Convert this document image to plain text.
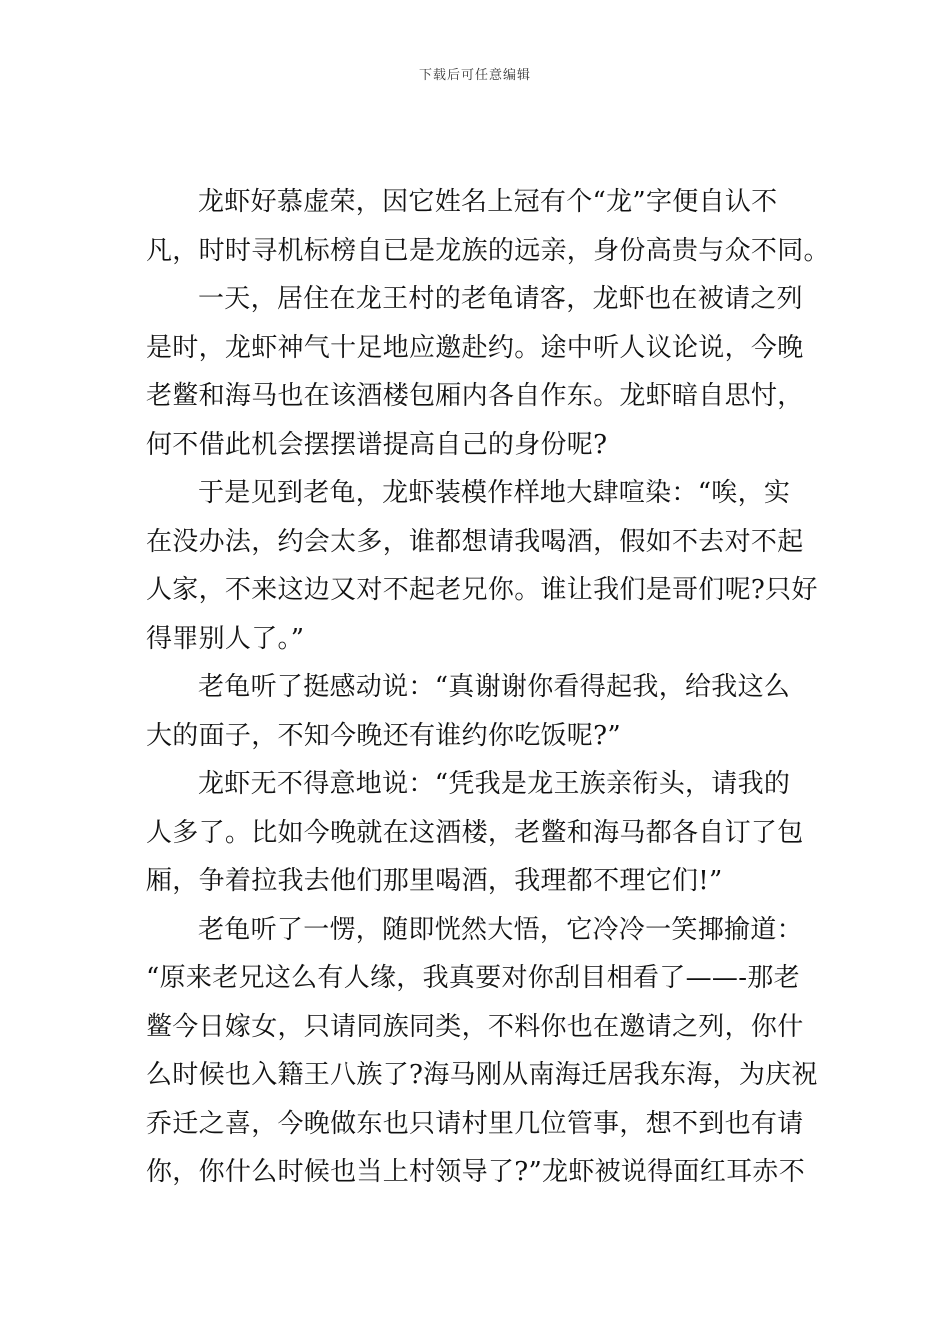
下载后可任意编辑
龙虾好慕虚荣，因它姓名上冠有个“龙”字便自认不
凡，时时寻机标榜自已是龙族的远亲，身份高贵与众不同。
一天，居住在龙王村的老龟请客，龙虾也在被请之列
是时，龙虾神气十足地应邀赴约。途中听人议论说，今晚
老鳖和海马也在该酒楼包厢内各自作东。龙虾暗自思忖，
何不借此机会摆摆谱提高自己的身份呢?
于是见到老龟，龙虾装模作样地大肆喧染：“唉，实
在没办法，约会太多，谁都想请我喝酒，假如不去对不起
人家，不来这边又对不起老兄你。谁让我们是哥们呢?只好
得罪别人了。”
老龟听了挺感动说：“真谢谢你看得起我，给我这么
大的面子，不知今晚还有谁约你吃饭呢?”
龙虾无不得意地说：“凭我是龙王族亲衔头，请我的
人多了。比如今晚就在这酒楼，老鳖和海马都各自订了包
厢，争着拉我去他们那里喝酒，我理都不理它们!”
老龟听了一愣，随即恍然大悟，它冷冷一笑揶揄道：
“原来老兄这么有人缘，我真要对你刮目相看了——-那老
鳖今日嫁女，只请同族同类，不料你也在邀请之列，你什
么时候也入籍王八族了?海马刚从南海迁居我东海，为庆祝
乔迁之喜，今晚做东也只请村里几位管事，想不到也有请
你，你什么时候也当上村领导了?”龙虾被说得面红耳赤不
